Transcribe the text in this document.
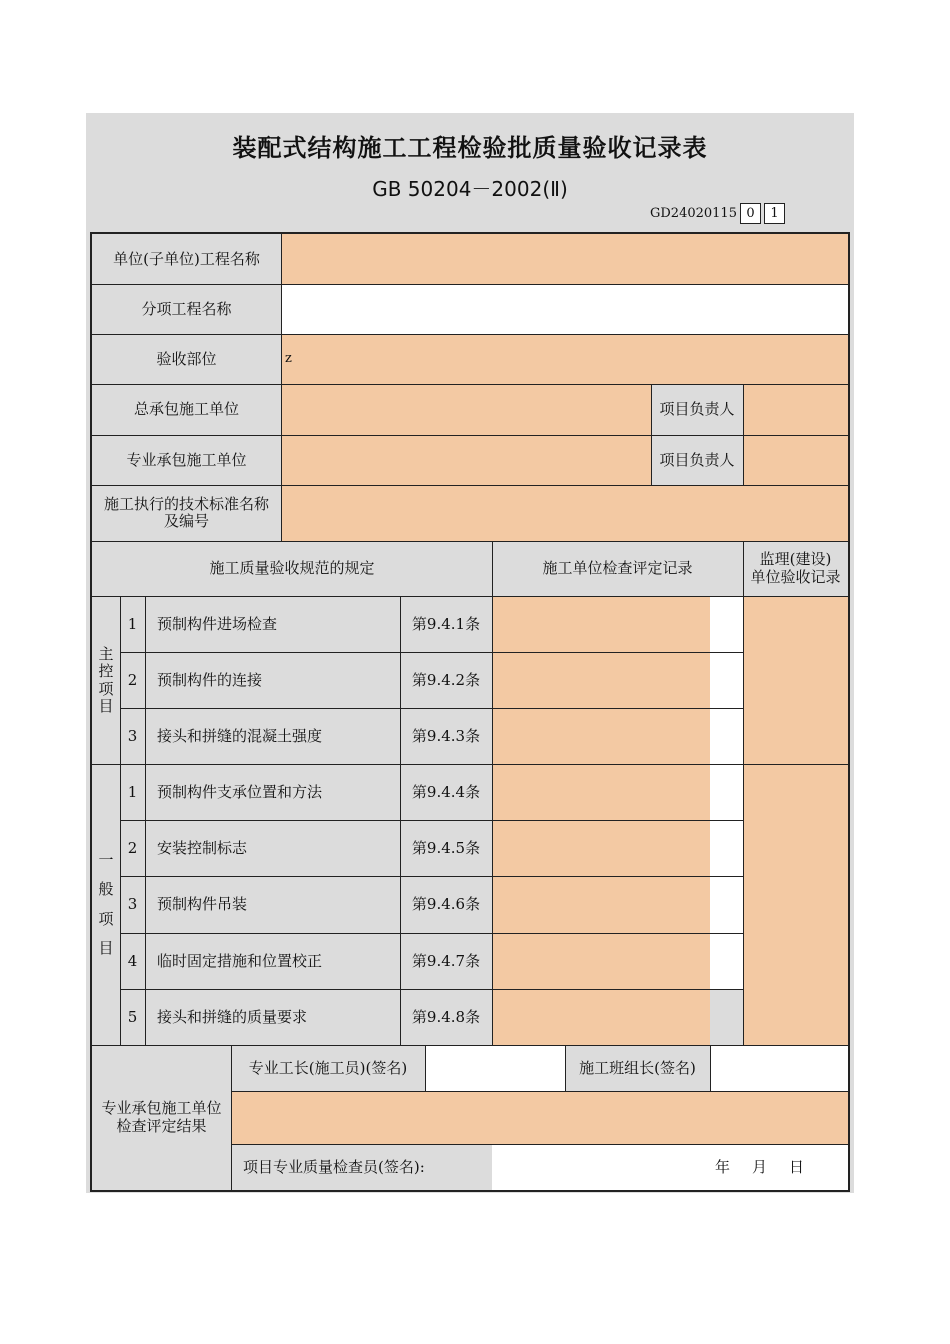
装配式结构施工工程检验批质量验收记录表
GB 50204－2002(Ⅱ)
GD24020115 0	1
单位(子单位)工程名称
分项工程名称
验收部位	z
总承包施工单位	项目负责人
专业承包施工单位	项目负责人
施工执行的技术标准名称
及编号
施工质量验收规范的规定	施工单位检查评定记录	监理(建设)
单位验收记录
主
控
项
目
1	预制构件进场检查	第9.4.1条
2	预制构件的连接	第9.4.2条
3	接头和拼缝的混凝土强度	第9.4.3条
一
般
项
目
1	预制构件支承位置和方法	第9.4.4条
2	安装控制标志	第9.4.5条
3	预制构件吊装	第9.4.6条
4	临时固定措施和位置校正	第9.4.7条
5	接头和拼缝的质量要求	第9.4.8条
专业承包施工单位
检查评定结果
专业工长(施工员)(签名)	施工班组长(签名)
项目专业质量检查员(签名):	年 月 日
